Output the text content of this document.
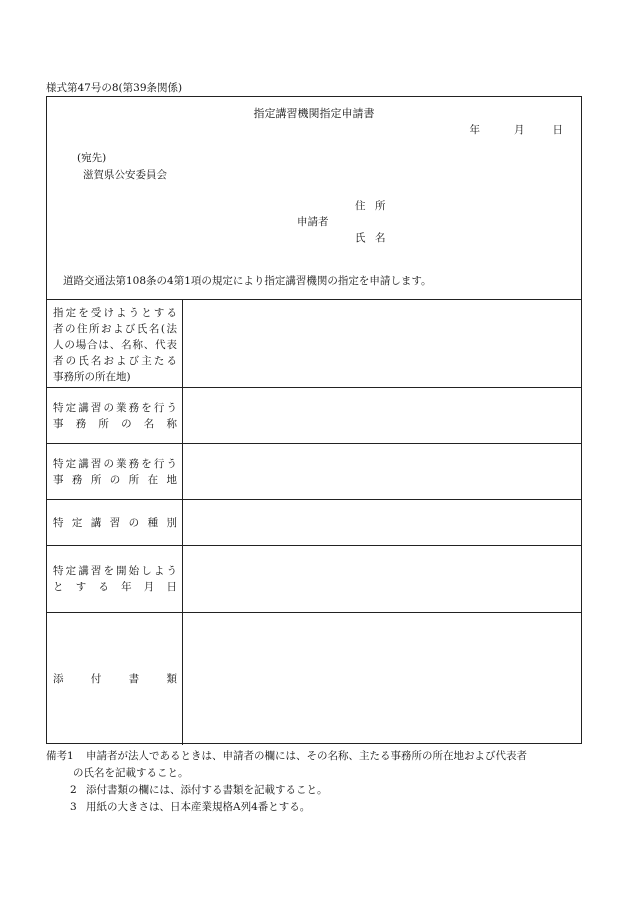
様式第47号の8(第39条関係)
指定講習機関指定申請書
年	月	日
(宛先)
滋賀県公安委員会
住所
申請者
氏名
道路交通法第108条の4第1項の規定により指定講習機関の指定を申請します。
指定を受けようとする
者の住所および氏名(法
人の場合は、名称、代表
者の氏名および主たる
事務所の所在地)
特定講習の業務を行う
事務所の名称
特定講習の業務を行う
事務所の所在地
特定講習の種別
特定講習を開始しよう
とする年月日
添付書類
備考1	申請者が法人であるときは、申請者の欄には、その名称、主たる事務所の所在地および代表者
の氏名を記載すること。
2 添付書類の欄には、添付する書類を記載すること。
3 用紙の大きさは、日本産業規格A列4番とする。
